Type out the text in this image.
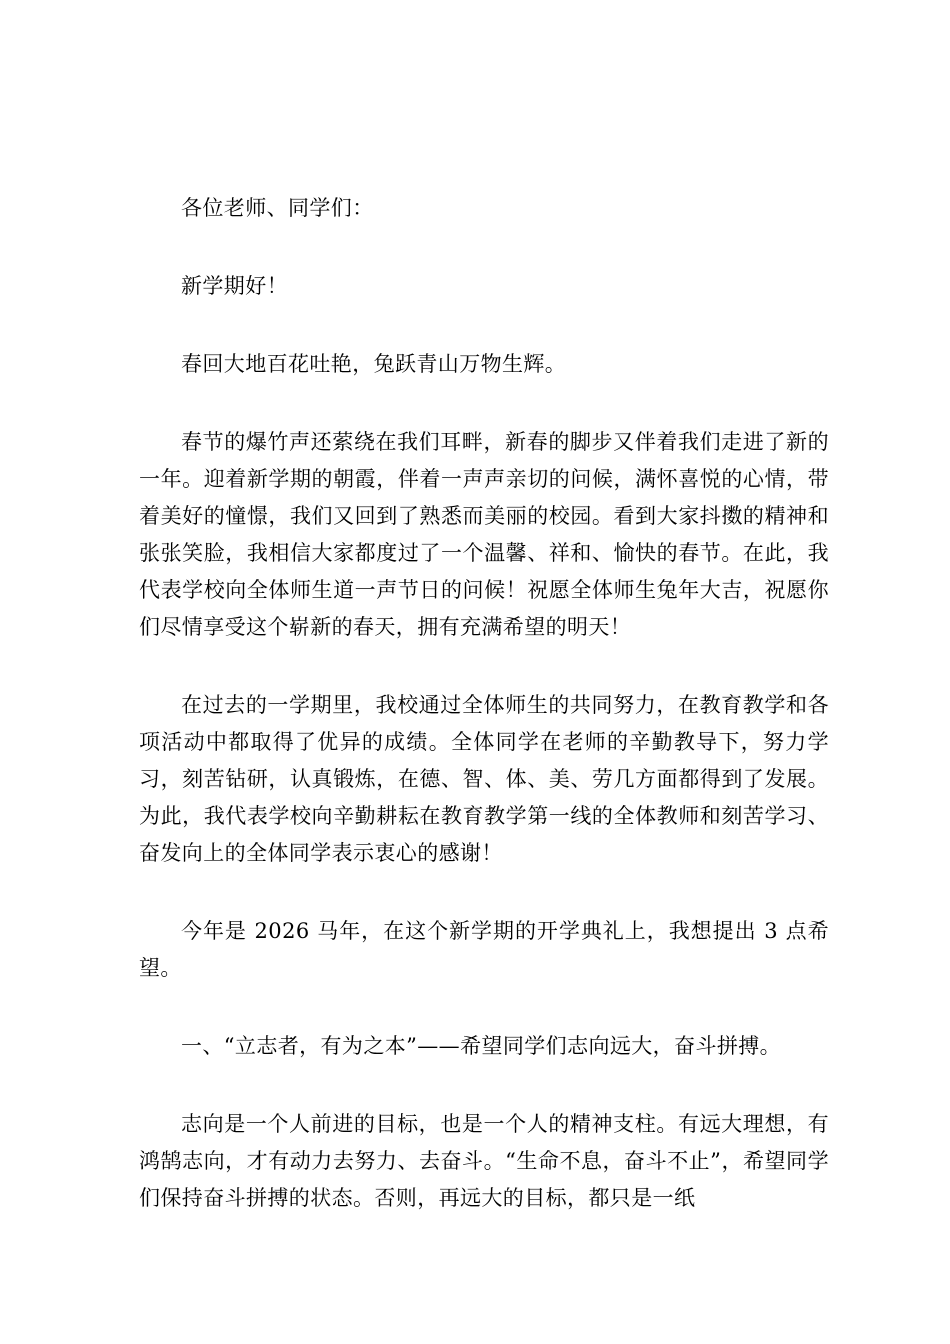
各位老师、同学们：

新学期好！

春回大地百花吐艳，兔跃青山万物生辉。

春节的爆竹声还萦绕在我们耳畔，新春的脚步又伴着我们走进了新的一年。迎着新学期的朝霞，伴着一声声亲切的问候，满怀喜悦的心情，带着美好的憧憬，我们又回到了熟悉而美丽的校园。看到大家抖擞的精神和张张笑脸，我相信大家都度过了一个温馨、祥和、愉快的春节。在此，我代表学校向全体师生道一声节日的问候！祝愿全体师生兔年大吉，祝愿你们尽情享受这个崭新的春天，拥有充满希望的明天！

在过去的一学期里，我校通过全体师生的共同努力，在教育教学和各项活动中都取得了优异的成绩。全体同学在老师的辛勤教导下，努力学习，刻苦钻研，认真锻炼，在德、智、体、美、劳几方面都得到了发展。为此，我代表学校向辛勤耕耘在教育教学第一线的全体教师和刻苦学习、奋发向上的全体同学表示衷心的感谢！

今年是 2026 马年，在这个新学期的开学典礼上，我想提出 3 点希望。

一、“立志者，有为之本”——希望同学们志向远大，奋斗拼搏。

志向是一个人前进的目标，也是一个人的精神支柱。有远大理想，有鸿鹄志向，才有动力去努力、去奋斗。“生命不息，奋斗不止”，希望同学们保持奋斗拼搏的状态。否则，再远大的目标，都只是一纸
